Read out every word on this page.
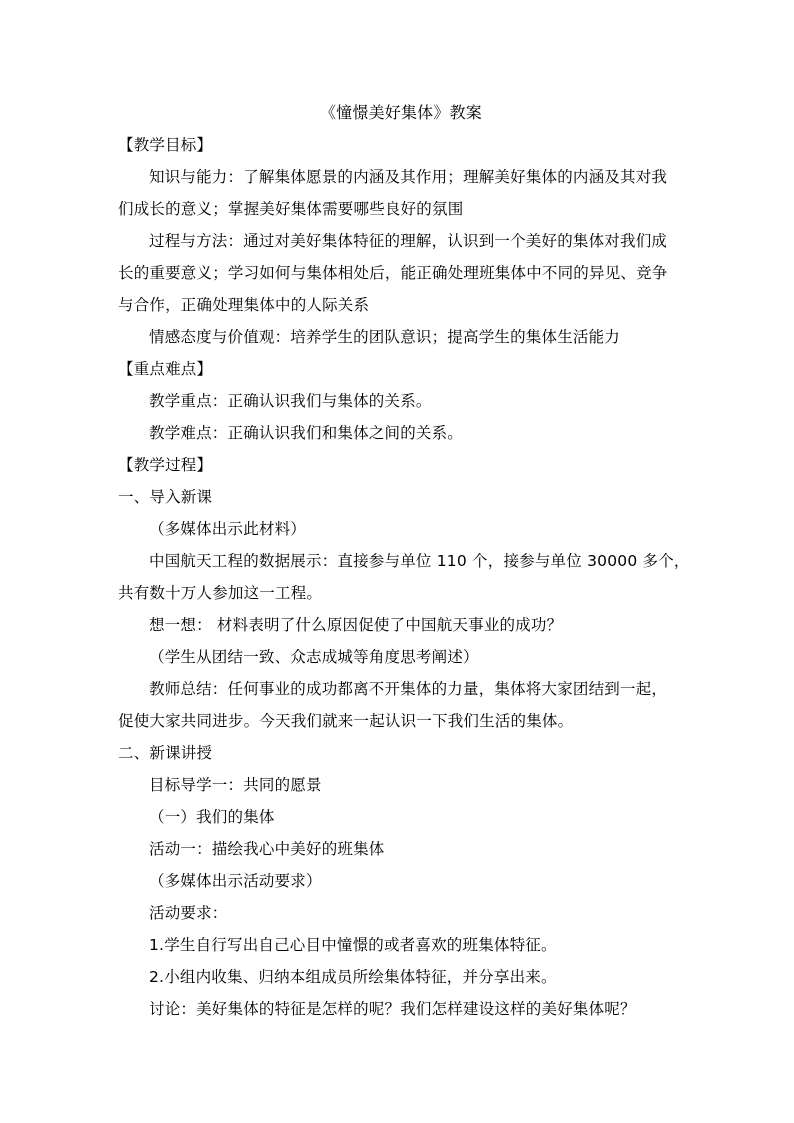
《憧憬美好集体》教案
【教学目标】
知识与能力：了解集体愿景的内涵及其作用；理解美好集体的内涵及其对我
们成长的意义；掌握美好集体需要哪些良好的氛围
过程与方法：通过对美好集体特征的理解，认识到一个美好的集体对我们成
长的重要意义；学习如何与集体相处后，能正确处理班集体中不同的异见、竞争
与合作，正确处理集体中的人际关系
情感态度与价值观：培养学生的团队意识；提高学生的集体生活能力
【重点难点】
教学重点：正确认识我们与集体的关系。
教学难点：正确认识我们和集体之间的关系。
【教学过程】
一、导入新课
（多媒体出示此材料）
中国航天工程的数据展示：直接参与单位 110 个，接参与单位 30000 多个，
共有数十万人参加这一工程。
想一想： 材料表明了什么原因促使了中国航天事业的成功？
（学生从团结一致、众志成城等角度思考阐述）
教师总结：任何事业的成功都离不开集体的力量，集体将大家团结到一起，
促使大家共同进步。今天我们就来一起认识一下我们生活的集体。
二、新课讲授
目标导学一：共同的愿景
（一）我们的集体
活动一：描绘我心中美好的班集体
（多媒体出示活动要求）
活动要求：
1.学生自行写出自己心目中憧憬的或者喜欢的班集体特征。
2.小组内收集、归纳本组成员所绘集体特征，并分享出来。
讨论：美好集体的特征是怎样的呢？我们怎样建设这样的美好集体呢？
